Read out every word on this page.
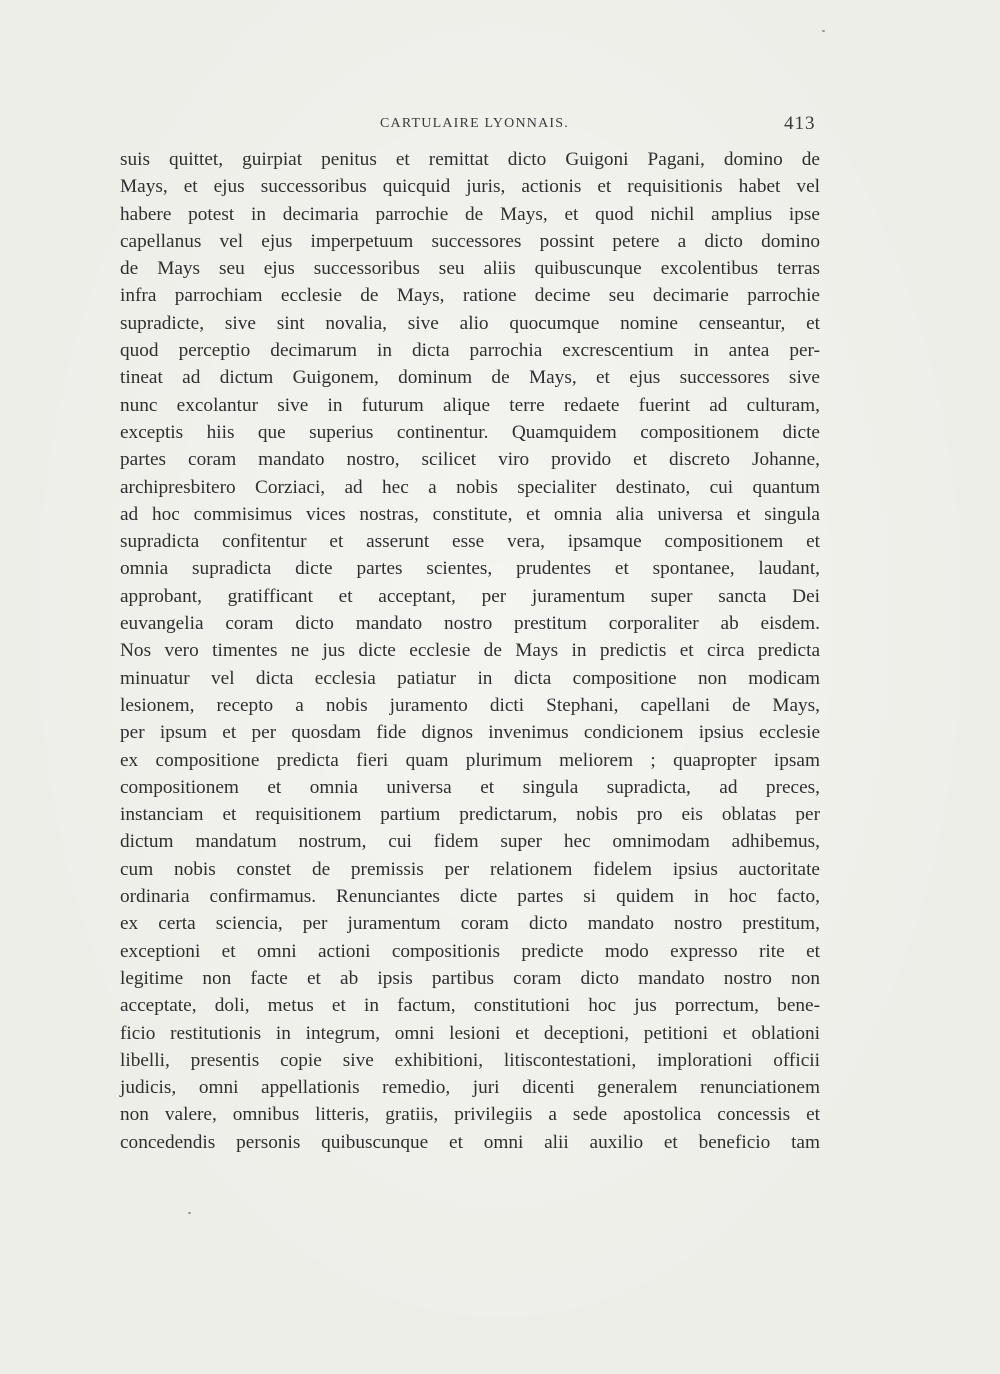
CARTULAIRE LYONNAIS.	413
suis quittet, guirpiat penitus et remittat dicto Guigoni Pagani, domino de
Mays, et ejus successoribus quicquid juris, actionis et requisitionis habet vel
habere potest in decimaria parrochie de Mays, et quod nichil amplius ipse
capellanus vel ejus imperpetuum successores possint petere a dicto domino
de Mays seu ejus successoribus seu aliis quibuscunque excolentibus terras
infra parrochiam ecclesie de Mays, ratione decime seu decimarie parrochie
supradicte, sive sint novalia, sive alio quocumque nomine censeantur, et
quod perceptio decimarum in dicta parrochia excrescentium in antea per-
tineat ad dictum Guigonem, dominum de Mays, et ejus successores sive
nunc excolantur sive in futurum alique terre redaete fuerint ad culturam,
exceptis hiis que superius continentur. Quamquidem compositionem dicte
partes coram mandato nostro, scilicet viro provido et discreto Johanne,
archipresbitero Corziaci, ad hec a nobis specialiter destinato, cui quantum
ad hoc commisimus vices nostras, constitute, et omnia alia universa et singula
supradicta confitentur et asserunt esse vera, ipsamque compositionem et
omnia supradicta dicte partes scientes, prudentes et spontanee, laudant,
approbant, gratifficant et acceptant, per juramentum super sancta Dei
euvangelia coram dicto mandato nostro prestitum corporaliter ab eisdem.
Nos vero timentes ne jus dicte ecclesie de Mays in predictis et circa predicta
minuatur vel dicta ecclesia patiatur in dicta compositione non modicam
lesionem, recepto a nobis juramento dicti Stephani, capellani de Mays,
per ipsum et per quosdam fide dignos invenimus condicionem ipsius ecclesie
ex compositione predicta fieri quam plurimum meliorem ; quapropter ipsam
compositionem et omnia universa et singula supradicta, ad preces,
instanciam et requisitionem partium predictarum, nobis pro eis oblatas per
dictum mandatum nostrum, cui fidem super hec omnimodam adhibemus,
cum nobis constet de premissis per relationem fidelem ipsius auctoritate
ordinaria confirmamus. Renunciantes dicte partes si quidem in hoc facto,
ex certa sciencia, per juramentum coram dicto mandato nostro prestitum,
exceptioni et omni actioni compositionis predicte modo expresso rite et
legitime non facte et ab ipsis partibus coram dicto mandato nostro non
acceptate, doli, metus et in factum, constitutioni hoc jus porrectum, bene-
ficio restitutionis in integrum, omni lesioni et deceptioni, petitioni et oblationi
libelli, presentis copie sive exhibitioni, litiscontestationi, implorationi officii
judicis, omni appellationis remedio, juri dicenti generalem renunciationem
non valere, omnibus litteris, gratiis, privilegiis a sede apostolica concessis et
concedendis personis quibuscunque et omni alii auxilio et beneficio tam
